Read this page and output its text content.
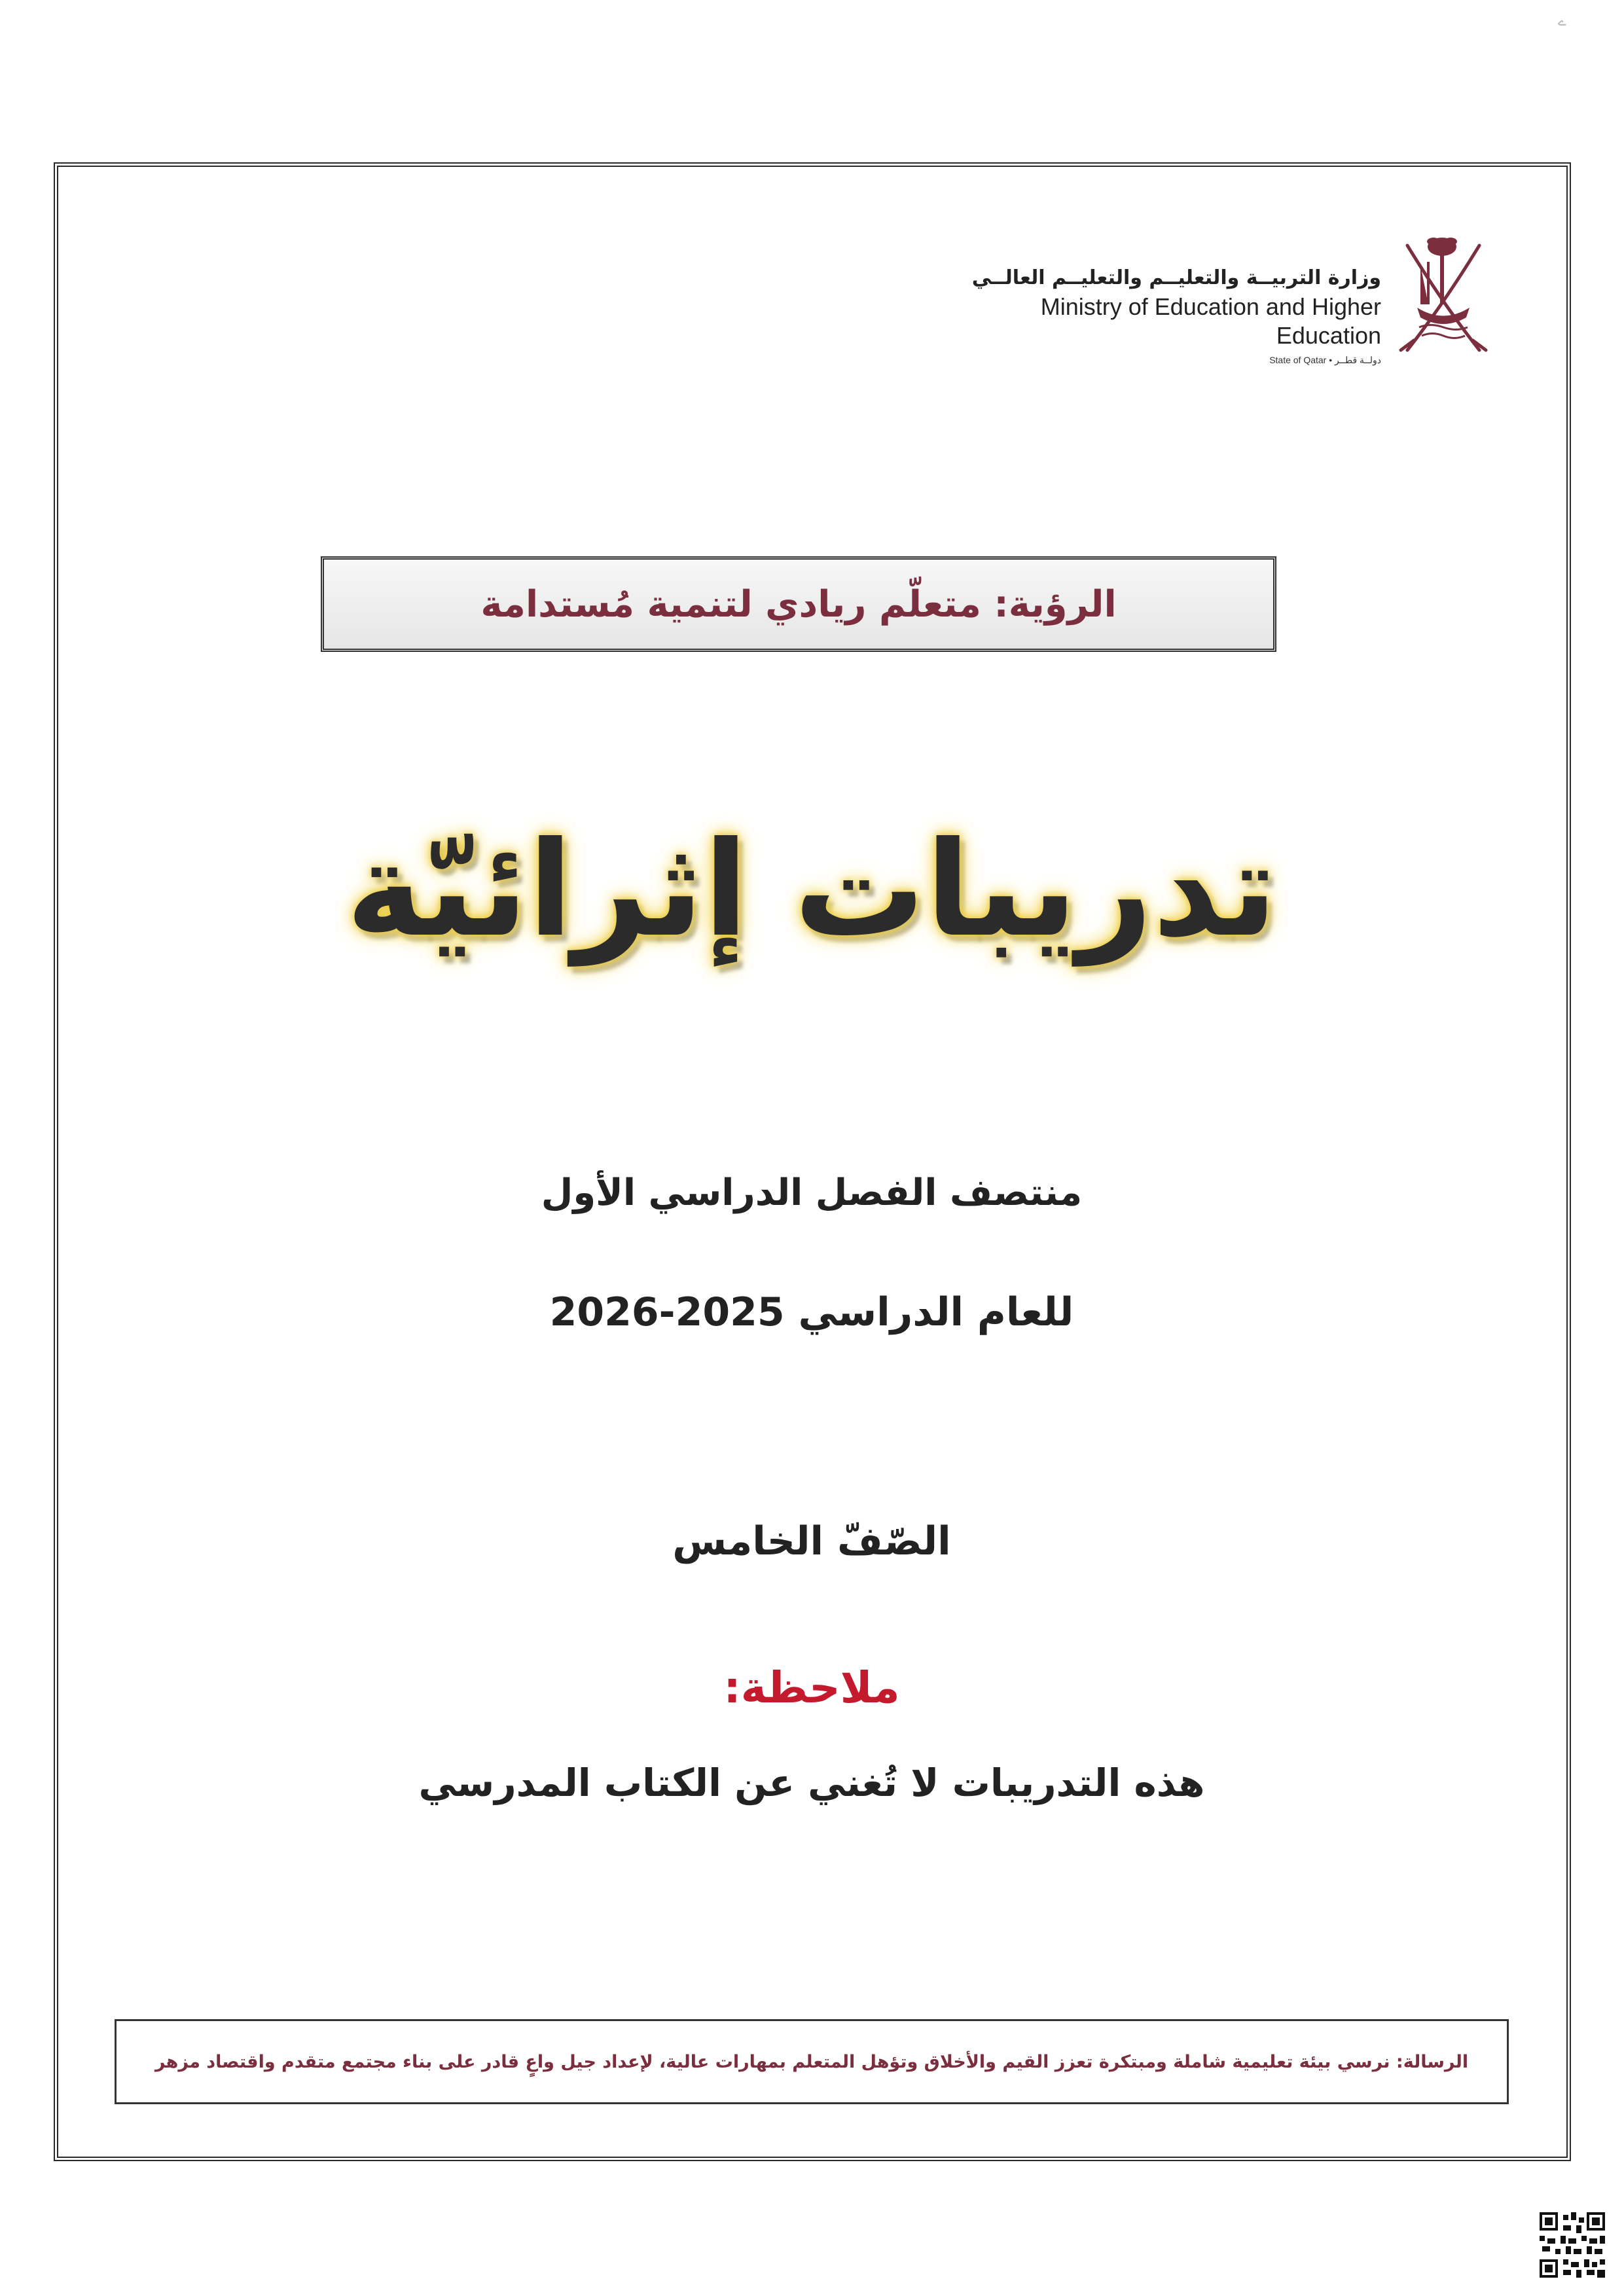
ے
وزارة التربيــة والتعليــم والتعليــم العالــي
Ministry of Education and Higher Education
State of Qatar • دولــة قطــر
الرؤية: متعلّم ريادي لتنمية مُستدامة
تدريبات إثرائيّة
منتصف الفصل الدراسي الأول
للعام الدراسي 2025-2026
الصّفّ الخامس
ملاحظة:
هذه التدريبات لا تُغني عن الكتاب المدرسي
الرسالة: نرسي بيئة تعليمية شاملة ومبتكرة تعزز القيم والأخلاق وتؤهل المتعلم بمهارات عالية، لإعداد جيل واعٍ قادر على بناء مجتمع متقدم واقتصاد مزهر
